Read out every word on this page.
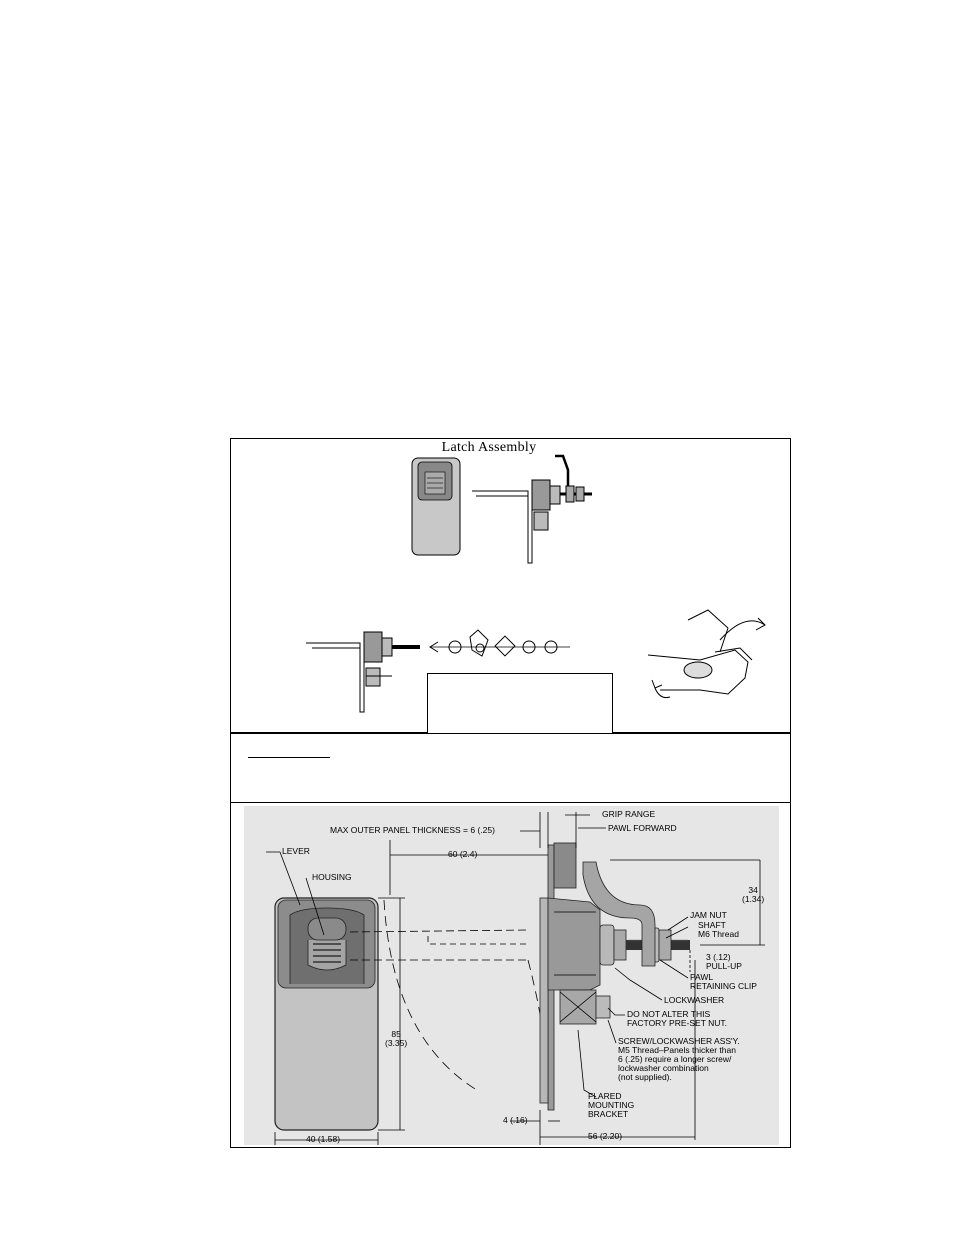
Latch Assembly
GRIP RANGE
PAWL FORWARD
MAX OUTER PANEL THICKNESS = 6 (.25)
LEVER
HOUSING
60 (2.4)
34
(1.34)
JAM NUT
SHAFT
M6 Thread
3 (.12)
PULL-UP
PAWL
RETAINING CLIP
LOCKWASHER
DO NOT ALTER THIS
FACTORY PRE-SET NUT.
SCREW/LOCKWASHER ASS'Y.
M5 Thread–Panels thicker than
6 (.25) require a longer screw/
lockwasher combination
(not supplied).
85
(3.35)
FLARED
MOUNTING
BRACKET
4 (.16)
40 (1.58)	56 (2.20)
